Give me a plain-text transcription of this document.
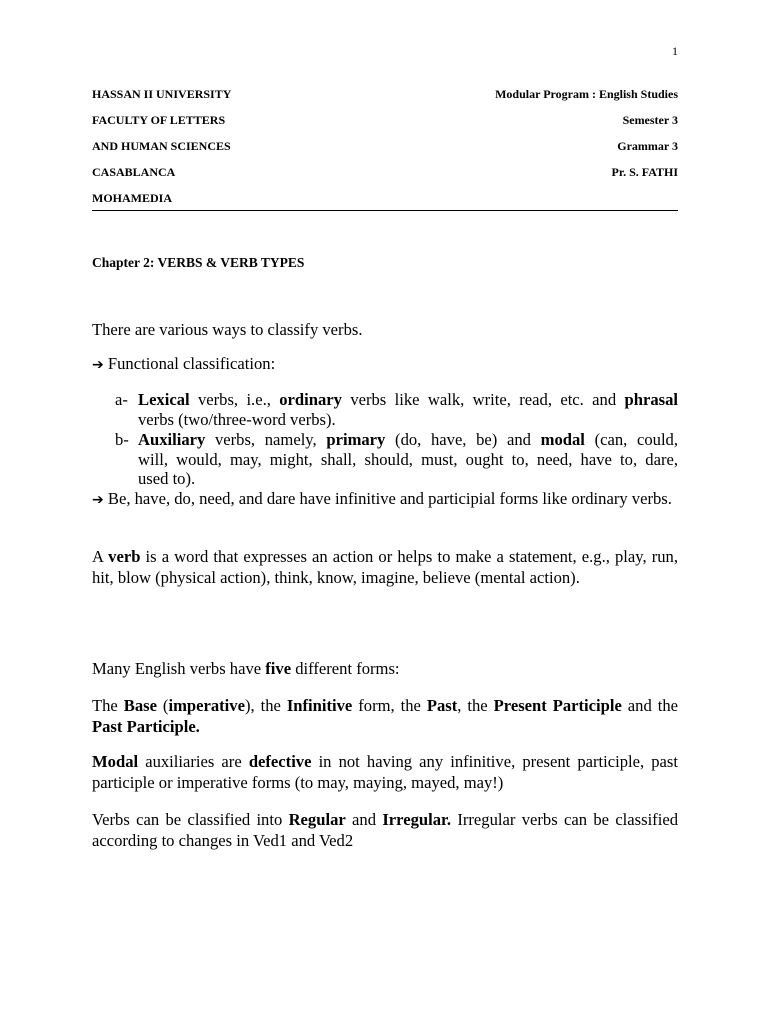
1
HASSAN II UNIVERSITY
FACULTY OF LETTERS
AND HUMAN SCIENCES
CASABLANCA
MOHAMEDIA
Modular Program : English Studies
Semester 3
Grammar 3
Pr. S. FATHI
Chapter 2: VERBS & VERB TYPES
There are various ways to classify verbs.
➔ Functional classification:
a- Lexical verbs, i.e., ordinary verbs like walk, write, read, etc. and phrasal
verbs (two/three-word verbs).
b- Auxiliary verbs, namely, primary (do, have, be) and modal (can, could,
will, would, may, might, shall, should, must, ought to, need, have to, dare,
used to).
➔ Be, have, do, need, and dare have infinitive and participial forms like ordinary verbs.
A verb is a word that expresses an action or helps to make a statement, e.g., play, run, hit, blow (physical action), think, know, imagine, believe (mental action).
Many English verbs have five different forms:
The Base (imperative), the Infinitive form, the Past, the Present Participle and the Past Participle.
Modal auxiliaries are defective in not having any infinitive, present participle, past participle or imperative forms (to may, maying, mayed, may!)
Verbs can be classified into Regular and Irregular. Irregular verbs can be classified according to changes in Ved1 and Ved2
